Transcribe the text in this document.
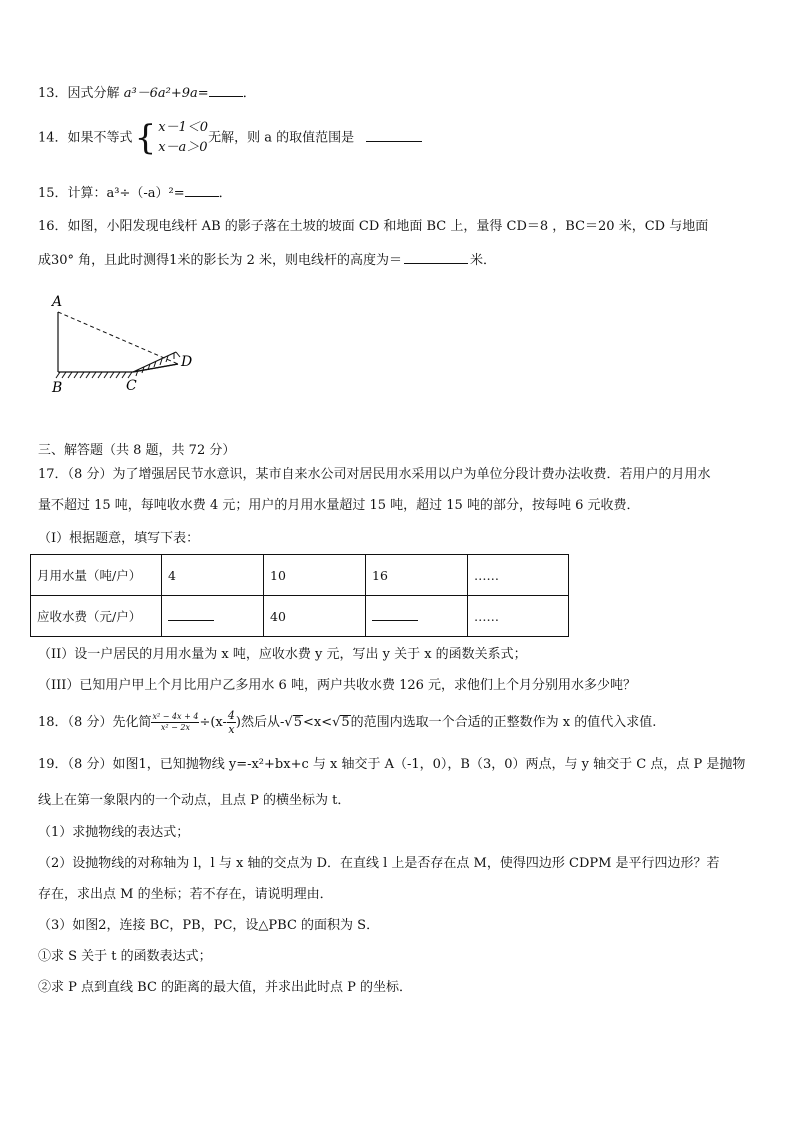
13．因式分解 a³－6a²+9a=	．
14．如果不等式{ x－1＜0
x－a＞0
无解，则 a 的取值范围是
15．计算：a³÷（-a）²=	．
16．如图，小阳发现电线杆 AB 的影子落在土坡的坡面 CD 和地面 BC 上，量得 CD＝8 ，BC＝20 米，CD 与地面
成30° 角，且此时测得1米的影长为 2 米，则电线杆的高度为＝	米．
A
B	C
D
三、解答题（共 8 题，共 72 分）
17．（8 分）为了增强居民节水意识，某市自来水公司对居民用水采用以户为单位分段计费办法收费．若用户的月用水
量不超过 15 吨，每吨收水费 4 元；用户的月用水量超过 15 吨，超过 15 吨的部分，按每吨 6 元收费．
（I）根据题意，填写下表：
月用水量（吨/户）	4	10	16	……
应收水费（元/户）		40		……
（II）设一户居民的月用水量为 x 吨，应收水费 y 元，写出 y 关于 x 的函数关系式；
（III）已知用户甲上个月比用户乙多用水 6 吨，两户共收水费 126 元，求他们上个月分别用水多少吨？
18．（8 分）先化简 $\frac{\text{x² − 4x + 4}}{\text{x² − 2x}} \div(x- \frac{4}{x}$ )然后从-√5<x<√5的范围内选取一个合适的正整数作为 x 的值代入求值.
19．（8 分）如图1，已知抛物线 y=-x²+bx+c 与 x 轴交于 A（-1，0），B（3，0）两点，与 y 轴交于 C 点，点 P 是抛物
线上在第一象限内的一个动点，且点 P 的横坐标为 t．
（1）求抛物线的表达式；
（2）设抛物线的对称轴为 l，l 与 x 轴的交点为 D．在直线 l 上是否存在点 M，使得四边形 CDPM 是平行四边形？若
存在，求出点 M 的坐标；若不存在，请说明理由．
（3）如图2，连接 BC，PB，PC，设△PBC 的面积为 S．
①求 S 关于 t 的函数表达式；
②求 P 点到直线 BC 的距离的最大值，并求出此时点 P 的坐标．
